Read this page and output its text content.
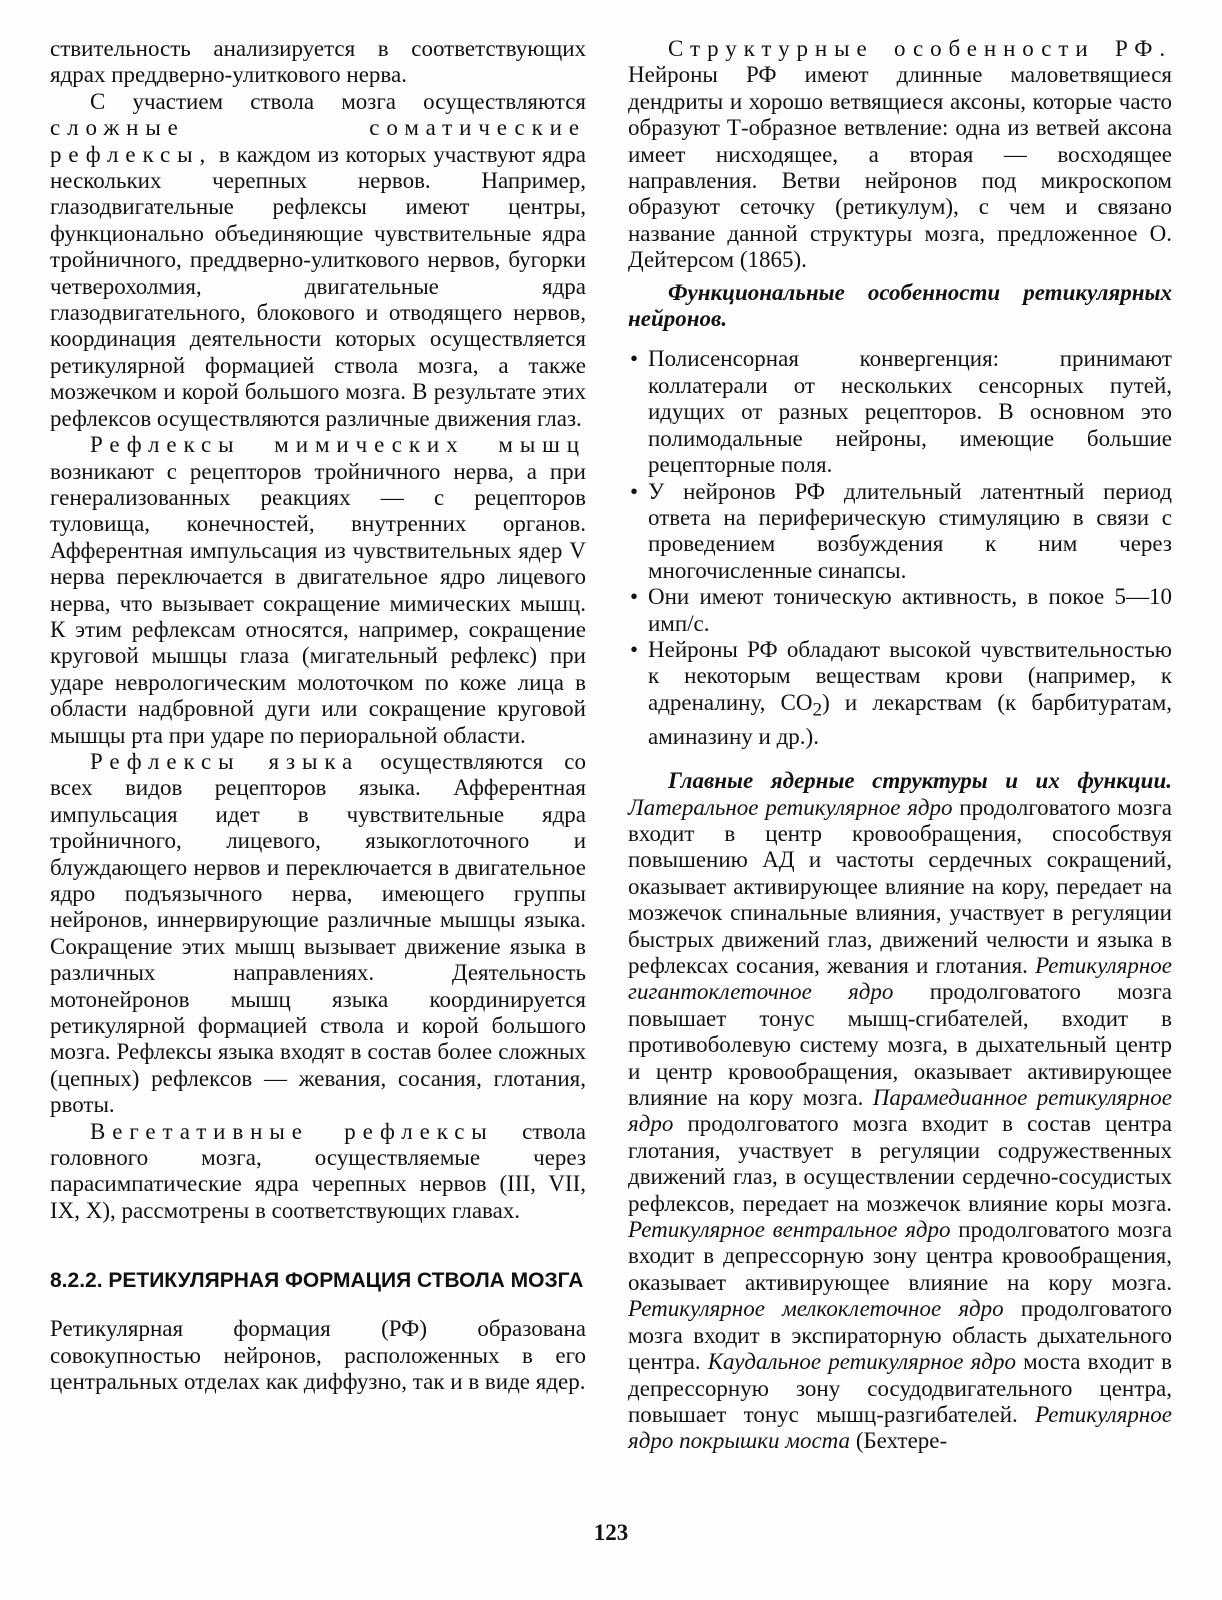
ствительность анализируется в соответствующих ядрах преддверно-улиткового нерва.

С участием ствола мозга осуществляются сложные соматические рефлексы, в каждом из которых участвуют ядра нескольких черепных нервов. Например, глазодвигательные рефлексы имеют центры, функционально объединяющие чувствительные ядра тройничного, преддверно-улиткового нервов, бугорки четверохолмия, двигательные ядра глазодвигательного, блокового и отводящего нервов, координация деятельности которых осуществляется ретикулярной формацией ствола мозга, а также мозжечком и корой большого мозга. В результате этих рефлексов осуществляются различные движения глаз.

Рефлексы мимических мышц возникают с рецепторов тройничного нерва, а при генерализованных реакциях — с рецепторов туловища, конечностей, внутренних органов. Афферентная импульсация из чувствительных ядер V нерва переключается в двигательное ядро лицевого нерва, что вызывает сокращение мимических мышц. К этим рефлексам относятся, например, сокращение круговой мышцы глаза (мигательный рефлекс) при ударе неврологическим молоточком по коже лица в области надбровной дуги или сокращение круговой мышцы рта при ударе по периоральной области.

Рефлексы языка осуществляются со всех видов рецепторов языка. Афферентная импульсация идет в чувствительные ядра тройничного, лицевого, языкоглоточного и блуждающего нервов и переключается в двигательное ядро подъязычного нерва, имеющего группы нейронов, иннервирующие различные мышцы языка. Сокращение этих мышц вызывает движение языка в различных направлениях. Деятельность мотонейронов мышц языка координируется ретикулярной формацией ствола и корой большого мозга. Рефлексы языка входят в состав более сложных (цепных) рефлексов — жевания, сосания, глотания, рвоты.

Вегетативные рефлексы ствола головного мозга, осуществляемые через парасимпатические ядра черепных нервов (III, VII, IX, X), рассмотрены в соответствующих главах.

8.2.2. РЕТИКУЛЯРНАЯ ФОРМАЦИЯ СТВОЛА МОЗГА

Ретикулярная формация (РФ) образована совокупностью нейронов, расположенных в его центральных отделах как диффузно, так и в виде ядер.

Структурные особенности РФ. Нейроны РФ имеют длинные маловетвящиеся дендриты и хорошо ветвящиеся аксоны, которые часто образуют Т-образное ветвление: одна из ветвей аксона имеет нисходящее, а вторая — восходящее направления. Ветви нейронов под микроскопом образуют сеточку (ретикулум), с чем и связано название данной структуры мозга, предложенное О. Дейтерсом (1865).

Функциональные особенности ретикулярных нейронов.

• Полисенсорная конвергенция: принимают коллатерали от нескольких сенсорных путей, идущих от разных рецепторов. В основном это полимодальные нейроны, имеющие большие рецепторные поля.
• У нейронов РФ длительный латентный период ответа на периферическую стимуляцию в связи с проведением возбуждения к ним через многочисленные синапсы.
• Они имеют тоническую активность, в покое 5—10 имп/с.
• Нейроны РФ обладают высокой чувствительностью к некоторым веществам крови (например, к адреналину, $CO_2$) и лекарствам (к барбитуратам, аминазину и др.).

Главные ядерные структуры и их функции. Латеральное ретикулярное ядро продолговатого мозга входит в центр кровообращения, способствуя повышению АД и частоты сердечных сокращений, оказывает активирующее влияние на кору, передает на мозжечок спинальные влияния, участвует в регуляции быстрых движений глаз, движений челюсти и языка в рефлексах сосания, жевания и глотания. Ретикулярное гигантоклеточное ядро продолговатого мозга повышает тонус мышц-сгибателей, входит в противоболевую систему мозга, в дыхательный центр и центр кровообращения, оказывает активирующее влияние на кору мозга. Парамедианное ретикулярное ядро продолговатого мозга входит в состав центра глотания, участвует в регуляции содружественных движений глаз, в осуществлении сердечно-сосудистых рефлексов, передает на мозжечок влияние коры мозга. Ретикулярное вентральное ядро продолговатого мозга входит в депрессорную зону центра кровообращения, оказывает активирующее влияние на кору мозга. Ретикулярное мелкоклеточное ядро продолговатого мозга входит в экспираторную область дыхательного центра. Каудальное ретикулярное ядро моста входит в депрессорную зону сосудодвигательного центра, повышает тонус мышц-разгибателей. Ретикулярное ядро покрышки моста (Бехтере-

123
